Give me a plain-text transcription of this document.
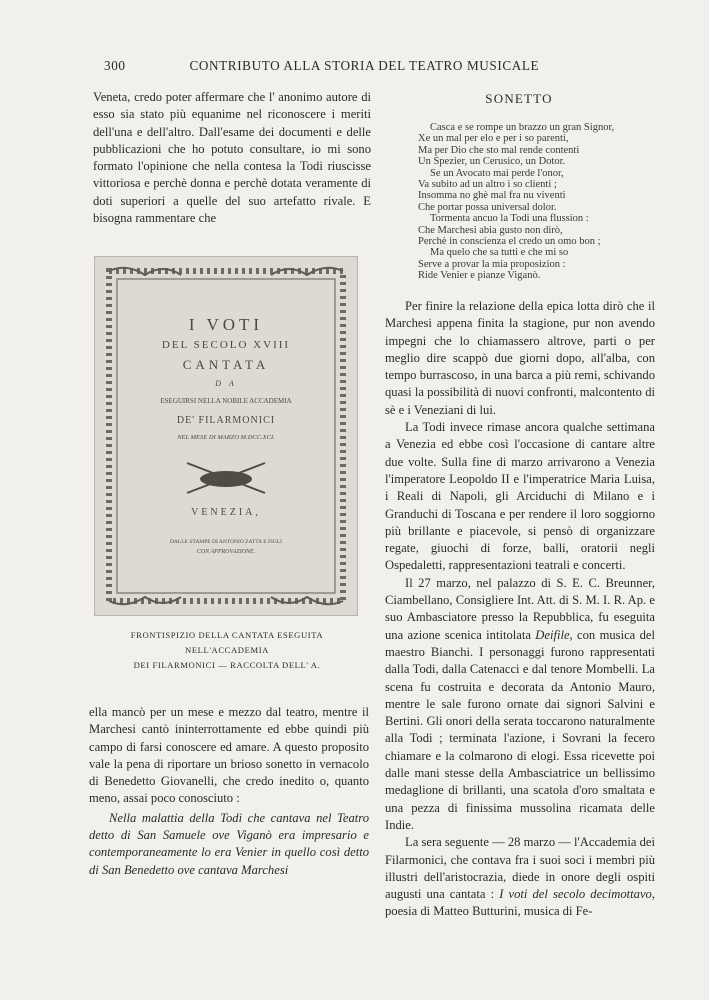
300	CONTRIBUTO ALLA STORIA DEL TEATRO MUSICALE

Veneta, credo poter affermare che l' anonimo autore di esso sia stato più equanime nel riconoscere i meriti dell'una e dell'altro. Dall'esame dei documenti e delle pubblicazioni che ho potuto consultare, io mi sono formato l'opinione che nella contesa la Todi riuscisse vittoriosa e perchè donna e perchè dotata veramente di doti superiori a quelle del suo artefatto rivale. E bisogna rammentare che

I VOTI
DEL SECOLO XVIII
CANTATA
D A
ESEGUIRSI NELLA NOBILE ACCADEMIA
DE' FILARMONICI
NEL MESE DI MARZO M.DCC.XCI.
VENEZIA,
DALLE STAMPE DI ANTONIO ZATTA E FIGLI
CON APPROVAZIONE.
FRONTISPIZIO DELLA CANTATA ESEGUITA NELL'ACCADEMIA
DEI FILARMONICI — RACCOLTA DELL' A.

ella mancò per un mese e mezzo dal teatro, mentre il Marchesi cantò ininterrottamente ed ebbe quindi più campo di farsi conoscere ed amare. A questo proposito vale la pena di riportare un brioso sonetto in vernacolo di Benedetto Giovanelli, che credo inedito o, quanto meno, assai poco conosciuto :

Nella malattia della Todi che cantava nel Teatro detto di San Samuele ove Viganò era impresario e contemporaneamente lo era Venier in quello così detto di San Benedetto ove cantava Marchesi

SONETTO
Casca e se rompe un brazzo un gran Signor,
Xe un mal per elo e per i so parenti,
Ma per Dio che sto mal rende contenti
Un Spezier, un Cerusico, un Dotor.
Se un Avocato mai perde l'onor,
Va subito ad un altro i so clienti ;
Insomma no ghè mal fra nu viventi
Che portar possa universal dolor.
Tormenta ancuo la Todi una flussion :
Che Marchesi abia gusto non dirò,
Perchè in conscienza el credo un omo bon ;
Ma quelo che sa tutti e che mi so
Serve a provar la mia proposizion :
Ride Venier e pianze Viganò.

Per finire la relazione della epica lotta dirò che il Marchesi appena finita la stagione, pur non avendo impegni che lo chiamassero altrove, parti o per meglio dire scappò due giorni dopo, all'alba, con tempo burrascoso, in una barca a più remi, schivando quasi la possibilità di nuovi confronti, malcontento di sè e i Veneziani di lui.

La Todi invece rimase ancora qualche settimana a Venezia ed ebbe così l'occasione di cantare altre due volte. Sulla fine di marzo arrivarono a Venezia l'imperatore Leopoldo II e l'imperatrice Maria Luisa, i Reali di Napoli, gli Arciduchi di Milano e i Granduchi di Toscana e per rendere il loro soggiorno più brillante e piacevole, si pensò di organizzare regate, giuochi di forze, balli, oratorii negli Ospedaletti, rappresentazioni teatrali e concerti.

Il 27 marzo, nel palazzo di S. E. C. Breunner, Ciambellano, Consigliere Int. Att. di S. M. I. R. Ap. e suo Ambasciatore presso la Repubblica, fu eseguita una azione scenica intitolata Deifile, con musica del maestro Bianchi. I personaggi furono rappresentati dalla Todi, dalla Catenacci e dal tenore Mombelli. La scena fu costruita e decorata da Antonio Mauro, mentre le sale furono ornate dai signori Salvini e Bertini. Gli onori della serata toccarono naturalmente alla Todi ; terminata l'azione, i Sovrani la fecero chiamare e la colmarono di elogi. Essa ricevette poi dalle mani stesse della Ambasciatrice un bellissimo medaglione di brillanti, una scatola d'oro smaltata e una pezza di finissima mussolina ricamata delle Indie.

La sera seguente — 28 marzo — l'Accademia dei Filarmonici, che contava fra i suoi soci i membri più illustri dell'aristocrazia, diede in onore degli ospiti augusti una cantata : I voti del secolo decimottavo, poesia di Matteo Butturini, musica di Fe-
